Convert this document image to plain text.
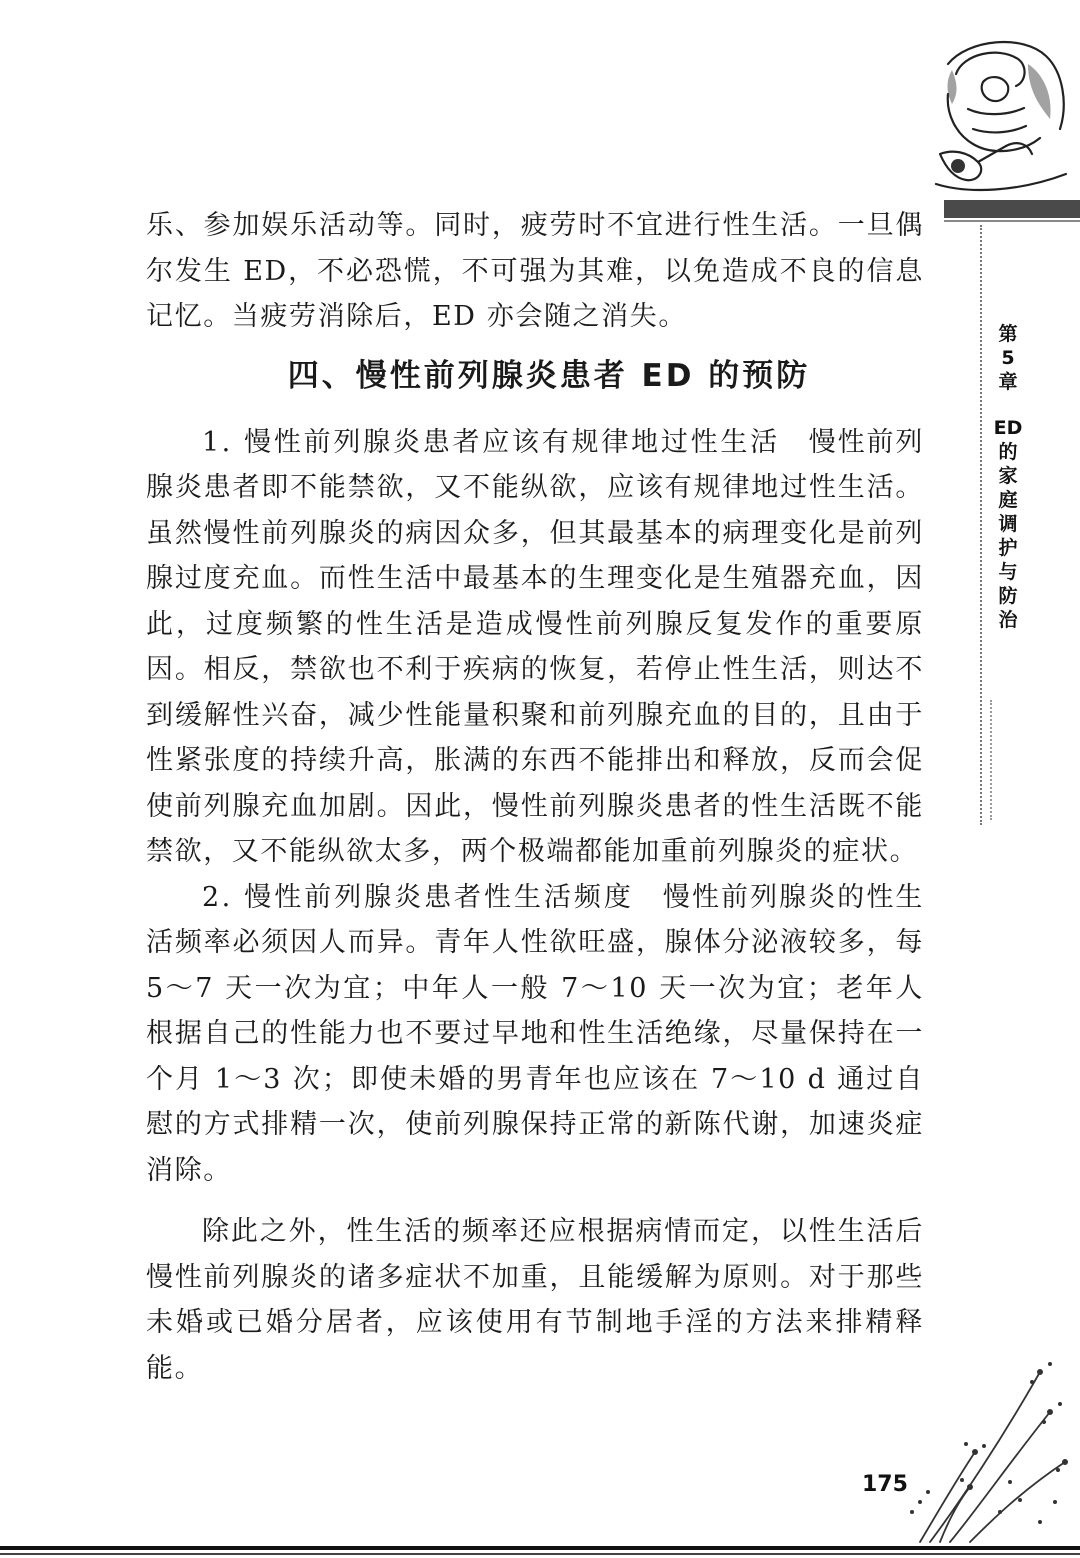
第
5
章
ED
的
家
庭
调
护
与
防
治

乐、参加娱乐活动等。同时，疲劳时不宜进行性生活。一旦偶尔发生 ED，不必恐慌，不可强为其难，以免造成不良的信息记忆。当疲劳消除后，ED 亦会随之消失。

四、慢性前列腺炎患者 ED 的预防

1. 慢性前列腺炎患者应该有规律地过性生活　 慢性前列腺炎患者即不能禁欲，又不能纵欲，应该有规律地过性生活。虽然慢性前列腺炎的病因众多，但其最基本的病理变化是前列腺过度充血。而性生活中最基本的生理变化是生殖器充血，因此，过度频繁的性生活是造成慢性前列腺反复发作的重要原因。相反，禁欲也不利于疾病的恢复，若停止性生活，则达不到缓解性兴奋，减少性能量积聚和前列腺充血的目的，且由于性紧张度的持续升高，胀满的东西不能排出和释放，反而会促使前列腺充血加剧。因此，慢性前列腺炎患者的性生活既不能禁欲，又不能纵欲太多，两个极端都能加重前列腺炎的症状。

2. 慢性前列腺炎患者性生活频度　 慢性前列腺炎的性生活频率必须因人而异。青年人性欲旺盛，腺体分泌液较多，每 5～7 天一次为宜；中年人一般 7～10 天一次为宜；老年人根据自己的性能力也不要过早地和性生活绝缘，尽量保持在一个月 1～3 次；即使未婚的男青年也应该在 7～10 d 通过自慰的方式排精一次，使前列腺保持正常的新陈代谢，加速炎症消除。

除此之外，性生活的频率还应根据病情而定，以性生活后慢性前列腺炎的诸多症状不加重，且能缓解为原则。对于那些未婚或已婚分居者，应该使用有节制地手淫的方法来排精释能。

175
